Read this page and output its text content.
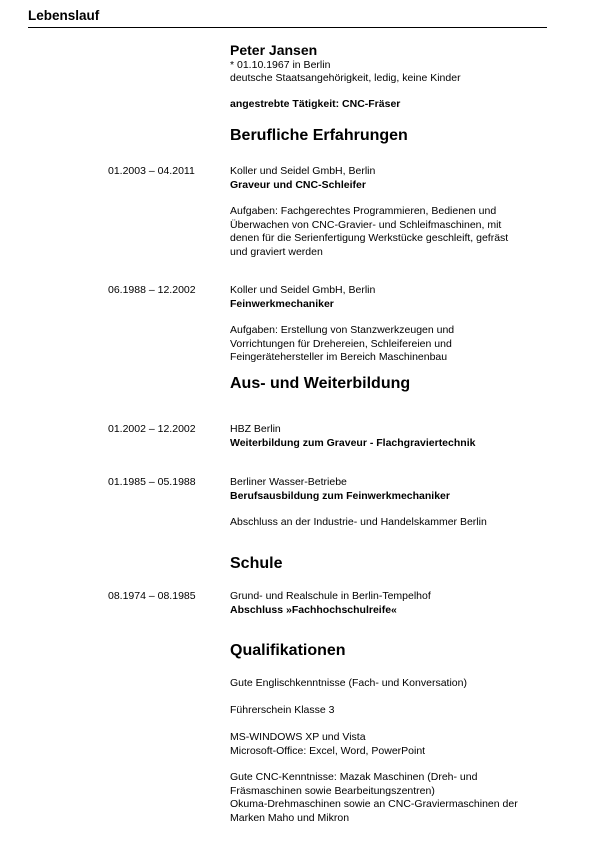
Lebenslauf
Peter Jansen
* 01.10.1967 in Berlin
deutsche Staatsangehörigkeit, ledig, keine Kinder
angestrebte Tätigkeit: CNC-Fräser
Berufliche Erfahrungen
01.2003 – 04.2011	Koller und Seidel GmbH, Berlin
Graveur und CNC-Schleifer
Aufgaben: Fachgerechtes Programmieren, Bedienen und
Überwachen von CNC-Gravier- und Schleifmaschinen, mit
denen für die Serienfertigung Werkstücke geschleift, gefräst
und graviert werden
06.1988 – 12.2002	Koller und Seidel GmbH, Berlin
Feinwerkmechaniker
Aufgaben: Erstellung von Stanzwerkzeugen und
Vorrichtungen für Drehereien, Schleifereien und
Feingerätehersteller im Bereich Maschinenbau
Aus- und Weiterbildung
01.2002 – 12.2002	HBZ Berlin
Weiterbildung zum Graveur - Flachgraviertechnik
01.1985 – 05.1988	Berliner Wasser-Betriebe
Berufsausbildung zum Feinwerkmechaniker
Abschluss an der Industrie- und Handelskammer Berlin
Schule
08.1974 – 08.1985	Grund- und Realschule in Berlin-Tempelhof
Abschluss »Fachhochschulreife«
Qualifikationen
Gute Englischkenntnisse (Fach- und Konversation)
Führerschein Klasse 3
MS-WINDOWS XP und Vista
Microsoft-Office: Excel, Word, PowerPoint
Gute CNC-Kenntnisse: Mazak Maschinen (Dreh- und
Fräsmaschinen sowie Bearbeitungszentren)
Okuma-Drehmaschinen sowie an CNC-Graviermaschinen der
Marken Maho und Mikron
